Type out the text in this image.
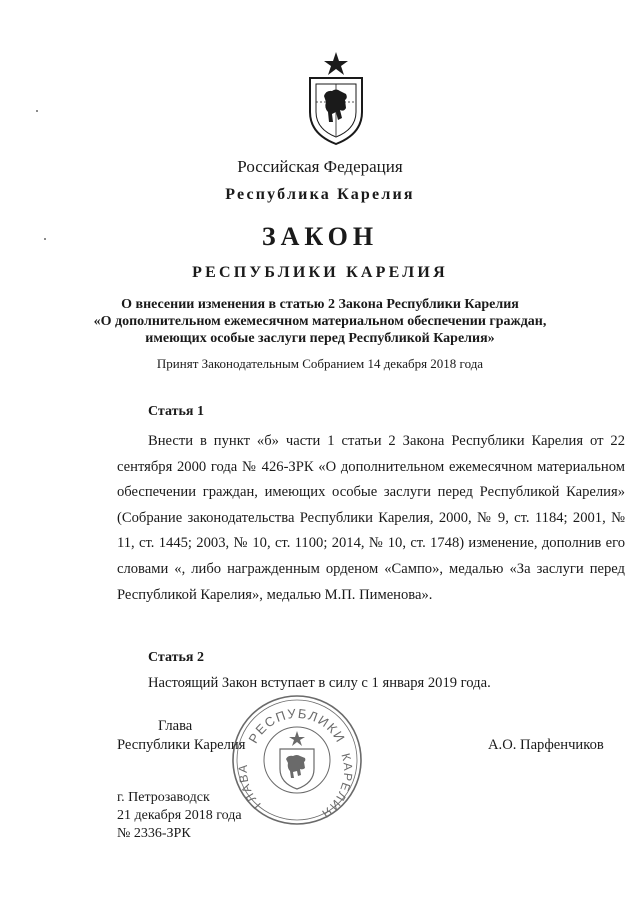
Российская Федерация
Республика Карелия
ЗАКОН
РЕСПУБЛИКИ КАРЕЛИЯ
О внесении изменения в статью 2 Закона Республики Карелия
«О дополнительном ежемесячном материальном обеспечении граждан,
имеющих особые заслуги перед Республикой Карелия»
Принят Законодательным Собранием 14 декабря 2018 года
Статья 1
Внести в пункт «б» части 1 статьи 2 Закона Республики Карелия от 22 сентября 2000 года № 426-ЗРК «О дополнительном ежемесячном материальном обеспечении граждан, имеющих особые заслуги перед Республикой Карелия» (Собрание законодательства Республики Карелия, 2000, № 9, ст. 1184; 2001, № 11, ст. 1445; 2003, № 10, ст. 1100; 2014, № 10, ст. 1748) изменение, дополнив его словами «, либо награжденным орденом «Сампо», медалью «За заслуги перед Республикой Карелия», медалью М.П. Пименова».
Статья 2
Настоящий Закон вступает в силу с 1 января 2019 года.
РЕСПУБЛИКИ
ГЛАВА
КАРЕЛИЯ
Глава
Республики Карелия	А.О. Парфенчиков
г. Петрозаводск
21 декабря 2018 года
№ 2336-ЗРК
